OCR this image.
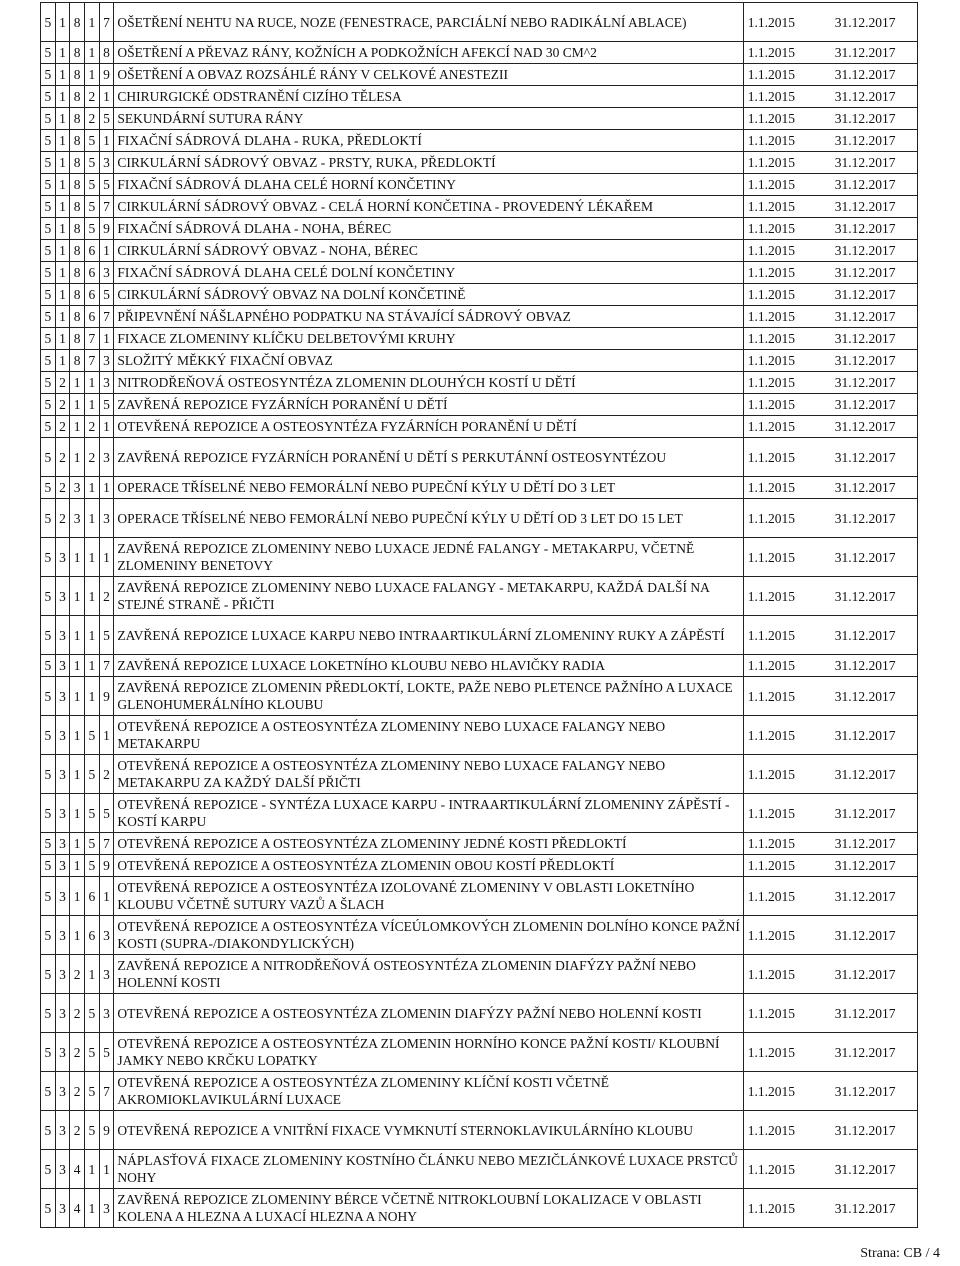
5	1	8	1	7	OŠETŘENÍ NEHTU NA RUCE, NOZE (FENESTRACE, PARCIÁLNÍ NEBO RADIKÁLNÍ ABLACE)	1.1.2015	31.12.2017
5	1	8	1	8	OŠETŘENÍ A PŘEVAZ RÁNY, KOŽNÍCH A PODKOŽNÍCH AFEKCÍ NAD 30 CM^2	1.1.2015	31.12.2017
5	1	8	1	9	OŠETŘENÍ A OBVAZ ROZSÁHLÉ RÁNY V CELKOVÉ ANESTEZII	1.1.2015	31.12.2017
5	1	8	2	1	CHIRURGICKÉ ODSTRANĚNÍ CIZÍHO TĚLESA	1.1.2015	31.12.2017
5	1	8	2	5	SEKUNDÁRNÍ SUTURA RÁNY	1.1.2015	31.12.2017
5	1	8	5	1	FIXAČNÍ SÁDROVÁ DLAHA - RUKA, PŘEDLOKTÍ	1.1.2015	31.12.2017
5	1	8	5	3	CIRKULÁRNÍ SÁDROVÝ OBVAZ - PRSTY, RUKA, PŘEDLOKTÍ	1.1.2015	31.12.2017
5	1	8	5	5	FIXAČNÍ SÁDROVÁ DLAHA CELÉ HORNÍ KONČETINY	1.1.2015	31.12.2017
5	1	8	5	7	CIRKULÁRNÍ SÁDROVÝ OBVAZ - CELÁ HORNÍ KONČETINA - PROVEDENÝ LÉKAŘEM	1.1.2015	31.12.2017
5	1	8	5	9	FIXAČNÍ SÁDROVÁ DLAHA - NOHA, BÉREC	1.1.2015	31.12.2017
5	1	8	6	1	CIRKULÁRNÍ SÁDROVÝ OBVAZ - NOHA, BÉREC	1.1.2015	31.12.2017
5	1	8	6	3	FIXAČNÍ SÁDROVÁ DLAHA CELÉ DOLNÍ KONČETINY	1.1.2015	31.12.2017
5	1	8	6	5	CIRKULÁRNÍ SÁDROVÝ OBVAZ NA DOLNÍ KONČETINĚ	1.1.2015	31.12.2017
5	1	8	6	7	PŘIPEVNĚNÍ NÁŠLAPNÉHO PODPATKU NA STÁVAJÍCÍ SÁDROVÝ OBVAZ	1.1.2015	31.12.2017
5	1	8	7	1	FIXACE ZLOMENINY KLÍČKU DELBETOVÝMI KRUHY	1.1.2015	31.12.2017
5	1	8	7	3	SLOŽITÝ MĚKKÝ FIXAČNÍ OBVAZ	1.1.2015	31.12.2017
5	2	1	1	3	NITRODŘEŇOVÁ OSTEOSYNTÉZA ZLOMENIN DLOUHÝCH KOSTÍ U DĚTÍ	1.1.2015	31.12.2017
5	2	1	1	5	ZAVŘENÁ REPOZICE FYZÁRNÍCH PORANĚNÍ U DĚTÍ	1.1.2015	31.12.2017
5	2	1	2	1	OTEVŘENÁ REPOZICE A OSTEOSYNTÉZA FYZÁRNÍCH PORANĚNÍ U DĚTÍ	1.1.2015	31.12.2017
5	2	1	2	3	ZAVŘENÁ REPOZICE FYZÁRNÍCH PORANĚNÍ U DĚTÍ S PERKUTÁNNÍ OSTEOSYNTÉZOU	1.1.2015	31.12.2017
5	2	3	1	1	OPERACE TŘÍSELNÉ NEBO FEMORÁLNÍ NEBO PUPEČNÍ KÝLY U DĚTÍ DO 3 LET	1.1.2015	31.12.2017
5	2	3	1	3	OPERACE TŘÍSELNÉ NEBO FEMORÁLNÍ NEBO PUPEČNÍ KÝLY U DĚTÍ OD 3 LET DO 15 LET	1.1.2015	31.12.2017
5	3	1	1	1	ZAVŘENÁ REPOZICE ZLOMENINY NEBO LUXACE JEDNÉ FALANGY - METAKARPU, VČETNĚ ZLOMENINY BENETOVY	1.1.2015	31.12.2017
5	3	1	1	2	ZAVŘENÁ REPOZICE ZLOMENINY NEBO LUXACE FALANGY - METAKARPU, KAŽDÁ DALŠÍ NA STEJNÉ STRANĚ - PŘIČTI	1.1.2015	31.12.2017
5	3	1	1	5	ZAVŘENÁ REPOZICE LUXACE KARPU NEBO INTRAARTIKULÁRNÍ ZLOMENINY RUKY A ZÁPĚSTÍ	1.1.2015	31.12.2017
5	3	1	1	7	ZAVŘENÁ REPOZICE LUXACE LOKETNÍHO KLOUBU NEBO HLAVIČKY RADIA	1.1.2015	31.12.2017
5	3	1	1	9	ZAVŘENÁ REPOZICE ZLOMENIN PŘEDLOKTÍ, LOKTE, PAŽE NEBO PLETENCE PAŽNÍHO A LUXACE GLENOHUMERÁLNÍHO KLOUBU	1.1.2015	31.12.2017
5	3	1	5	1	OTEVŘENÁ REPOZICE A OSTEOSYNTÉZA ZLOMENINY NEBO LUXACE FALANGY NEBO METAKARPU	1.1.2015	31.12.2017
5	3	1	5	2	OTEVŘENÁ REPOZICE A OSTEOSYNTÉZA ZLOMENINY NEBO LUXACE FALANGY NEBO METAKARPU ZA KAŽDÝ DALŠÍ PŘIČTI	1.1.2015	31.12.2017
5	3	1	5	5	OTEVŘENÁ REPOZICE - SYNTÉZA LUXACE KARPU - INTRAARTIKULÁRNÍ ZLOMENINY ZÁPĚSTÍ - KOSTÍ KARPU	1.1.2015	31.12.2017
5	3	1	5	7	OTEVŘENÁ REPOZICE A OSTEOSYNTÉZA ZLOMENINY JEDNÉ KOSTI PŘEDLOKTÍ	1.1.2015	31.12.2017
5	3	1	5	9	OTEVŘENÁ REPOZICE A OSTEOSYNTÉZA ZLOMENIN OBOU KOSTÍ PŘEDLOKTÍ	1.1.2015	31.12.2017
5	3	1	6	1	OTEVŘENÁ REPOZICE A OSTEOSYNTÉZA IZOLOVANÉ ZLOMENINY V OBLASTI LOKETNÍHO KLOUBU VČETNĚ SUTURY VAZŮ A ŠLACH	1.1.2015	31.12.2017
5	3	1	6	3	OTEVŘENÁ REPOZICE A OSTEOSYNTÉZA VÍCEÚLOMKOVÝCH ZLOMENIN DOLNÍHO KONCE PAŽNÍ KOSTI (SUPRA-/DIAKONDYLICKÝCH)	1.1.2015	31.12.2017
5	3	2	1	3	ZAVŘENÁ REPOZICE A NITRODŘEŇOVÁ OSTEOSYNTÉZA ZLOMENIN DIAFÝZY PAŽNÍ NEBO HOLENNÍ KOSTI	1.1.2015	31.12.2017
5	3	2	5	3	OTEVŘENÁ REPOZICE A OSTEOSYNTÉZA ZLOMENIN DIAFÝZY PAŽNÍ NEBO HOLENNÍ KOSTI	1.1.2015	31.12.2017
5	3	2	5	5	OTEVŘENÁ REPOZICE A OSTEOSYNTÉZA ZLOMENIN HORNÍHO KONCE PAŽNÍ KOSTI/ KLOUBNÍ JAMKY NEBO KRČKU LOPATKY	1.1.2015	31.12.2017
5	3	2	5	7	OTEVŘENÁ REPOZICE A OSTEOSYNTÉZA ZLOMENINY KLÍČNÍ KOSTI VČETNĚ AKROMIOKLAVIKULÁRNÍ LUXACE	1.1.2015	31.12.2017
5	3	2	5	9	OTEVŘENÁ REPOZICE A VNITŘNÍ FIXACE VYMKNUTÍ STERNOKLAVIKULÁRNÍHO KLOUBU	1.1.2015	31.12.2017
5	3	4	1	1	NÁPLASŤOVÁ FIXACE ZLOMENINY KOSTNÍHO ČLÁNKU NEBO MEZIČLÁNKOVÉ LUXACE PRSTCŮ NOHY	1.1.2015	31.12.2017
5	3	4	1	3	ZAVŘENÁ REPOZICE ZLOMENINY BÉRCE VČETNĚ NITROKLOUBNÍ LOKALIZACE V OBLASTI KOLENA A HLEZNA A LUXACÍ HLEZNA A NOHY	1.1.2015	31.12.2017
Strana: CB / 4
